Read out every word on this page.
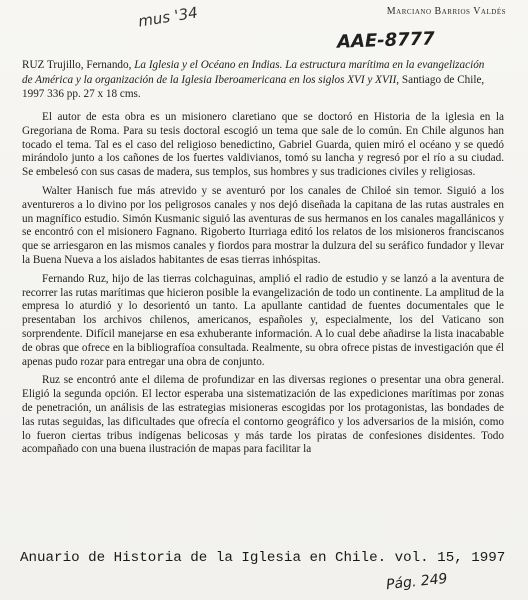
mus '34	Marciano Barrios Valdés
AAE-8777
RUZ Trujillo, Fernando, La Iglesia y el Océano en Indias. La estructura marítima en la evangelización de América y la organización de la Iglesia Iberoamericana en los siglos XVI y XVII, Santiago de Chile, 1997 336 pp. 27 x 18 cms.

El autor de esta obra es un misionero claretiano que se doctoró en Historia de la iglesia en la Gregoriana de Roma. Para su tesis doctoral escogió un tema que sale de lo común. En Chile algunos han tocado el tema. Tal es el caso del religioso benedictino, Gabriel Guarda, quien miró el océano y se quedó mirándolo junto a los cañones de los fuertes valdivianos, tomó su lancha y regresó por el río a su ciudad. Se embelesó con sus casas de madera, sus templos, sus hombres y sus tradiciones civiles y religiosas.

Walter Hanisch fue más atrevido y se aventuró por los canales de Chiloé sin temor. Siguió a los aventureros a lo divino por los peligrosos canales y nos dejó diseñada la capitana de las rutas australes en un magnífico estudio. Simón Kusmanic siguió las aventuras de sus hermanos en los canales magallánicos y se encontró con el misionero Fagnano. Rigoberto Iturriaga editó los relatos de los misioneros franciscanos que se arriesgaron en las mismos canales y fiordos para mostrar la dulzura del su seráfico fundador y llevar la Buena Nueva a los aislados habitantes de esas tierras inhóspitas.

Fernando Ruz, hijo de las tierras colchaguinas, amplió el radio de estudio y se lanzó a la aventura de recorrer las rutas marítimas que hicieron posible la evangelización de todo un continente. La amplitud de la empresa lo aturdió y lo desorientó un tanto. La apullante cantidad de fuentes documentales que le presentaban los archivos chilenos, americanos, españoles y, especialmente, los del Vaticano son sorprendente. Difícil manejarse en esa exhuberante información. A lo cual debe añadirse la lista inacabable de obras que ofrece en la bibliografíoa consultada. Realmente, su obra ofrece pistas de investigación que él apenas pudo rozar para entregar una obra de conjunto.

Ruz se encontró ante el dilema de profundizar en las diversas regiones o presentar una obra general. Eligió la segunda opción. El lector esperaba una sistematización de las expediciones marítimas por zonas de penetración, un análisis de las estrategias misioneras escogidas por los protagonistas, las bondades de las rutas seguidas, las dificultades que ofrecía el contorno geográfico y los adversarios de la misión, como lo fueron ciertas tribus indígenas belicosas y más tarde los piratas de confesiones disidentes. Todo acompañado con una buena ilustración de mapas para facilitar la

Anuario de Historia de la Iglesia en Chile. vol. 15, 1997
Pág. 249
